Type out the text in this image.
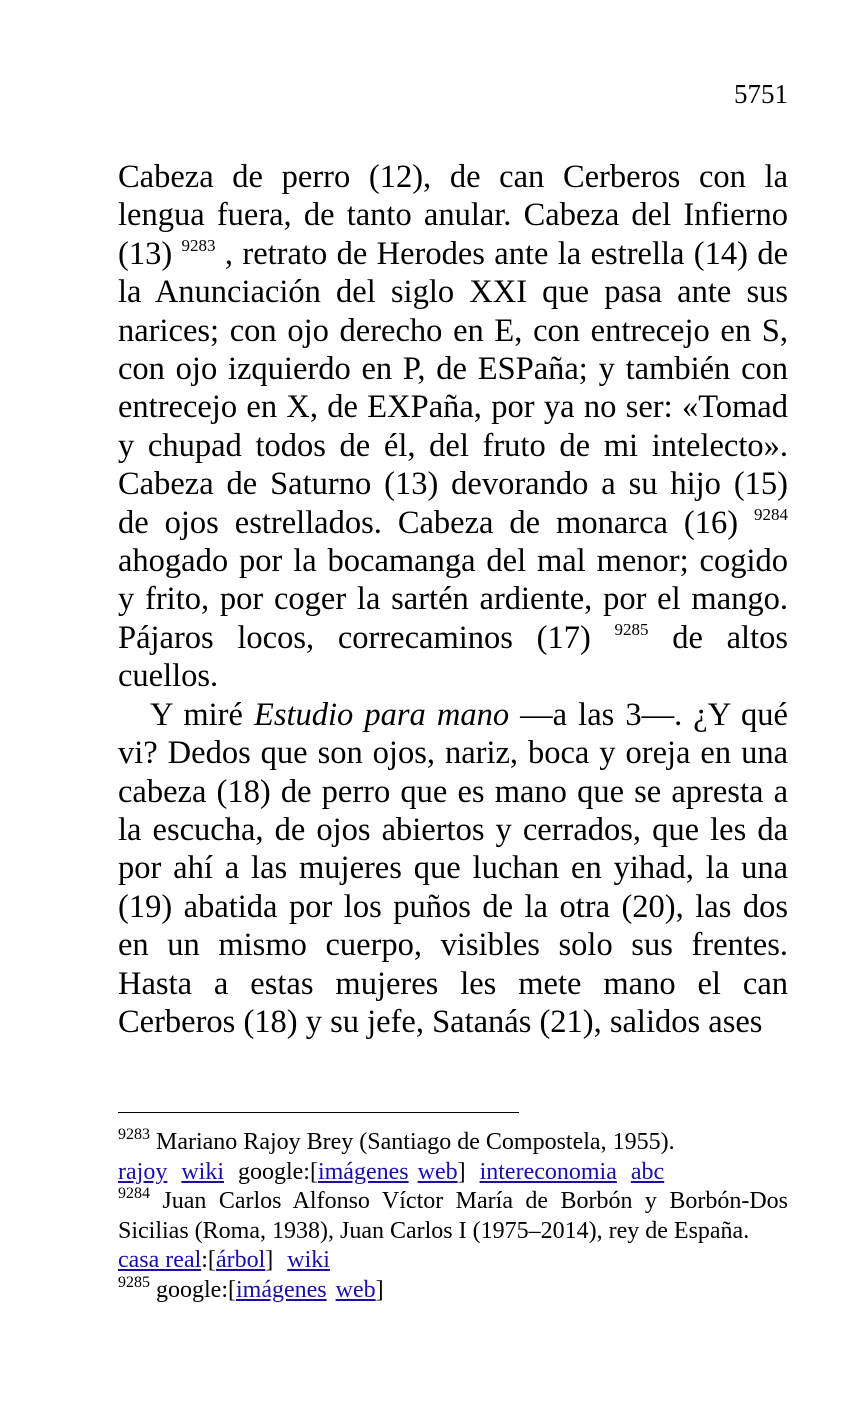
5751

Cabeza de perro (12), de can Cerberos con la lengua fuera, de tanto anular. Cabeza del Infierno (13) $^{9283}$ , retrato de Herodes ante la estrella (14) de la Anunciación del siglo XXI que pasa ante sus narices; con ojo derecho en E, con entrecejo en S, con ojo izquierdo en P, de ESPaña; y también con entrecejo en X, de EXPaña, por ya no ser: «Tomad y chupad todos de él, del fruto de mi intelecto». Cabeza de Saturno (13) devorando a su hijo (15) de ojos estrellados. Cabeza de monarca (16) $^{9284}$ ahogado por la bocamanga del mal menor; cogido y frito, por coger la sartén ardiente, por el mango. Pájaros locos, correcaminos (17) $^{9285}$ de altos cuellos.

Y miré Estudio para mano —a las 3—. ¿Y qué vi? Dedos que son ojos, nariz, boca y oreja en una cabeza (18) de perro que es mano que se apresta a la escucha, de ojos abiertos y cerrados, que les da por ahí a las mujeres que luchan en yihad, la una (19) abatida por los puños de la otra (20), las dos en un mismo cuerpo, visibles solo sus frentes. Hasta a estas mujeres les mete mano el can Cerberos (18) y su jefe, Satanás (21), salidos ases

$^{9283}$ Mariano Rajoy Brey (Santiago de Compostela, 1955).
rajoy wiki google:[imágenes web] intereconomia abc

$^{9284}$ Juan Carlos Alfonso Víctor María de Borbón y Borbón-Dos Sicilias (Roma, 1938), Juan Carlos I (1975–2014), rey de España.
casa real:[árbol] wiki

$^{9285}$ google:[imágenes web]
